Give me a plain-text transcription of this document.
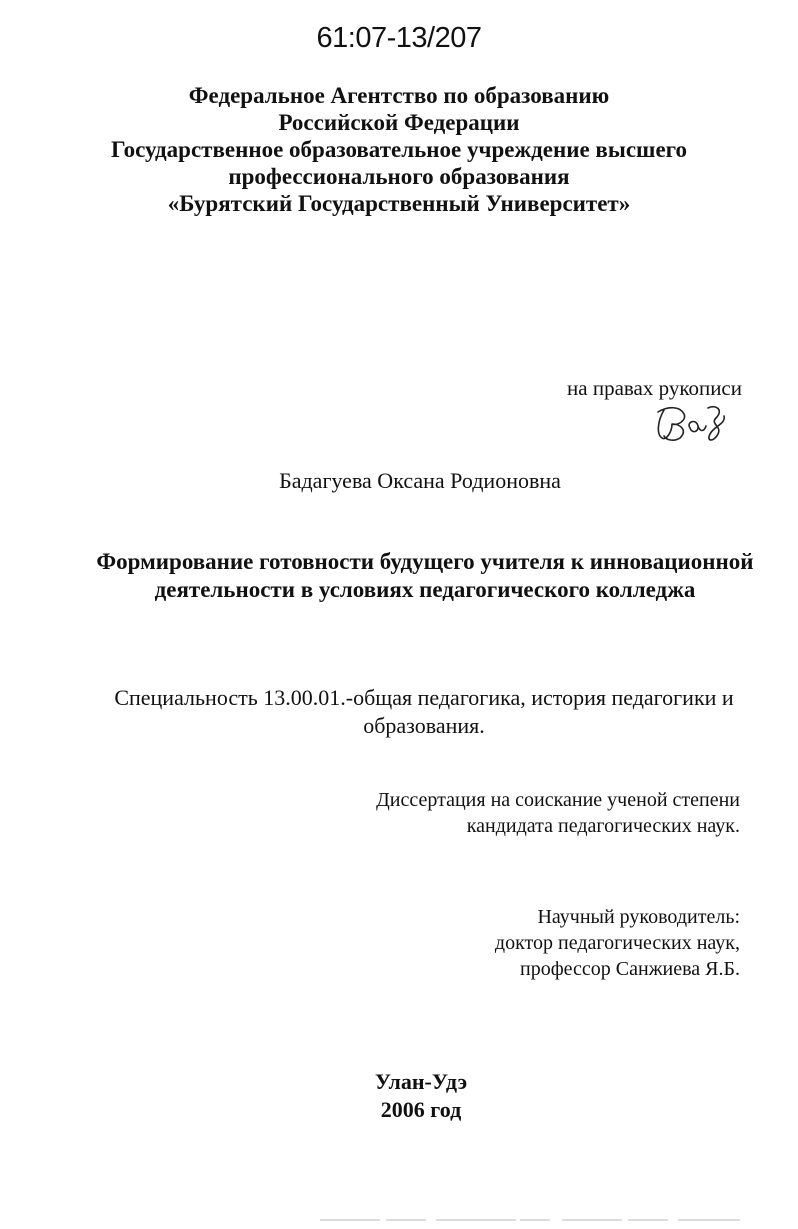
61:07-13/207
Федеральное Агентство по образованию
Российской Федерации
Государственное образовательное учреждение высшего
профессионального образования
«Бурятский Государственный Университет»
на правах рукописи
Бадагуева Оксана Родионовна
Формирование готовности будущего учителя к инновационной
деятельности в условиях педагогического колледжа
Специальность 13.00.01.-общая педагогика, история педагогики и
образования.
Диссертация на соискание ученой степени
кандидата педагогических наук.
Научный руководитель:
доктор педагогических наук,
профессор Санжиева Я.Б.
Улан-Удэ
2006 год
